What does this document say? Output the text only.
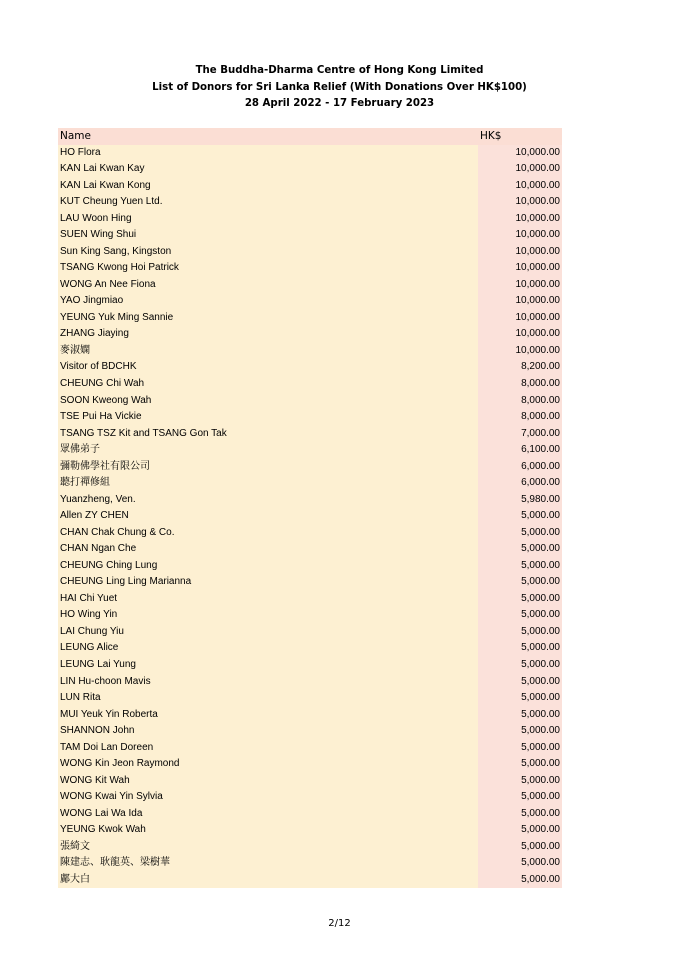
The Buddha-Dharma Centre of Hong Kong Limited
List of Donors for Sri Lanka Relief (With Donations Over HK$100)
28 April 2022 - 17 February 2023
Name	HK$
HO Flora	10,000.00
KAN Lai Kwan Kay	10,000.00
KAN Lai Kwan Kong	10,000.00
KUT Cheung Yuen Ltd.	10,000.00
LAU Woon Hing	10,000.00
SUEN Wing Shui	10,000.00
Sun King Sang, Kingston	10,000.00
TSANG Kwong Hoi Patrick	10,000.00
WONG An Nee Fiona	10,000.00
YAO Jingmiao	10,000.00
YEUNG Yuk Ming Sannie	10,000.00
ZHANG Jiaying	10,000.00
麥淑嫻	10,000.00
Visitor of BDCHK	8,200.00
CHEUNG Chi Wah	8,000.00
SOON Kweong Wah	8,000.00
TSE Pui Ha Vickie	8,000.00
TSANG TSZ Kit and TSANG Gon Tak	7,000.00
眾佛弟子	6,100.00
彌勒佛學社有限公司	6,000.00
聽打禪修組	6,000.00
Yuanzheng, Ven.	5,980.00
Allen ZY CHEN	5,000.00
CHAN Chak Chung & Co.	5,000.00
CHAN Ngan Che	5,000.00
CHEUNG Ching Lung	5,000.00
CHEUNG Ling Ling Marianna	5,000.00
HAI Chi Yuet	5,000.00
HO Wing Yin	5,000.00
LAI Chung Yiu	5,000.00
LEUNG Alice	5,000.00
LEUNG Lai Yung	5,000.00
LIN Hu-choon Mavis	5,000.00
LUN Rita	5,000.00
MUI Yeuk Yin Roberta	5,000.00
SHANNON John	5,000.00
TAM Doi Lan Doreen	5,000.00
WONG Kin Jeon Raymond	5,000.00
WONG Kit Wah	5,000.00
WONG Kwai Yin Sylvia	5,000.00
WONG Lai Wa Ida	5,000.00
YEUNG Kwok Wah	5,000.00
張綺文	5,000.00
陳建志、耿龍英、梁樹華	5,000.00
鄺大白	5,000.00
2/12
